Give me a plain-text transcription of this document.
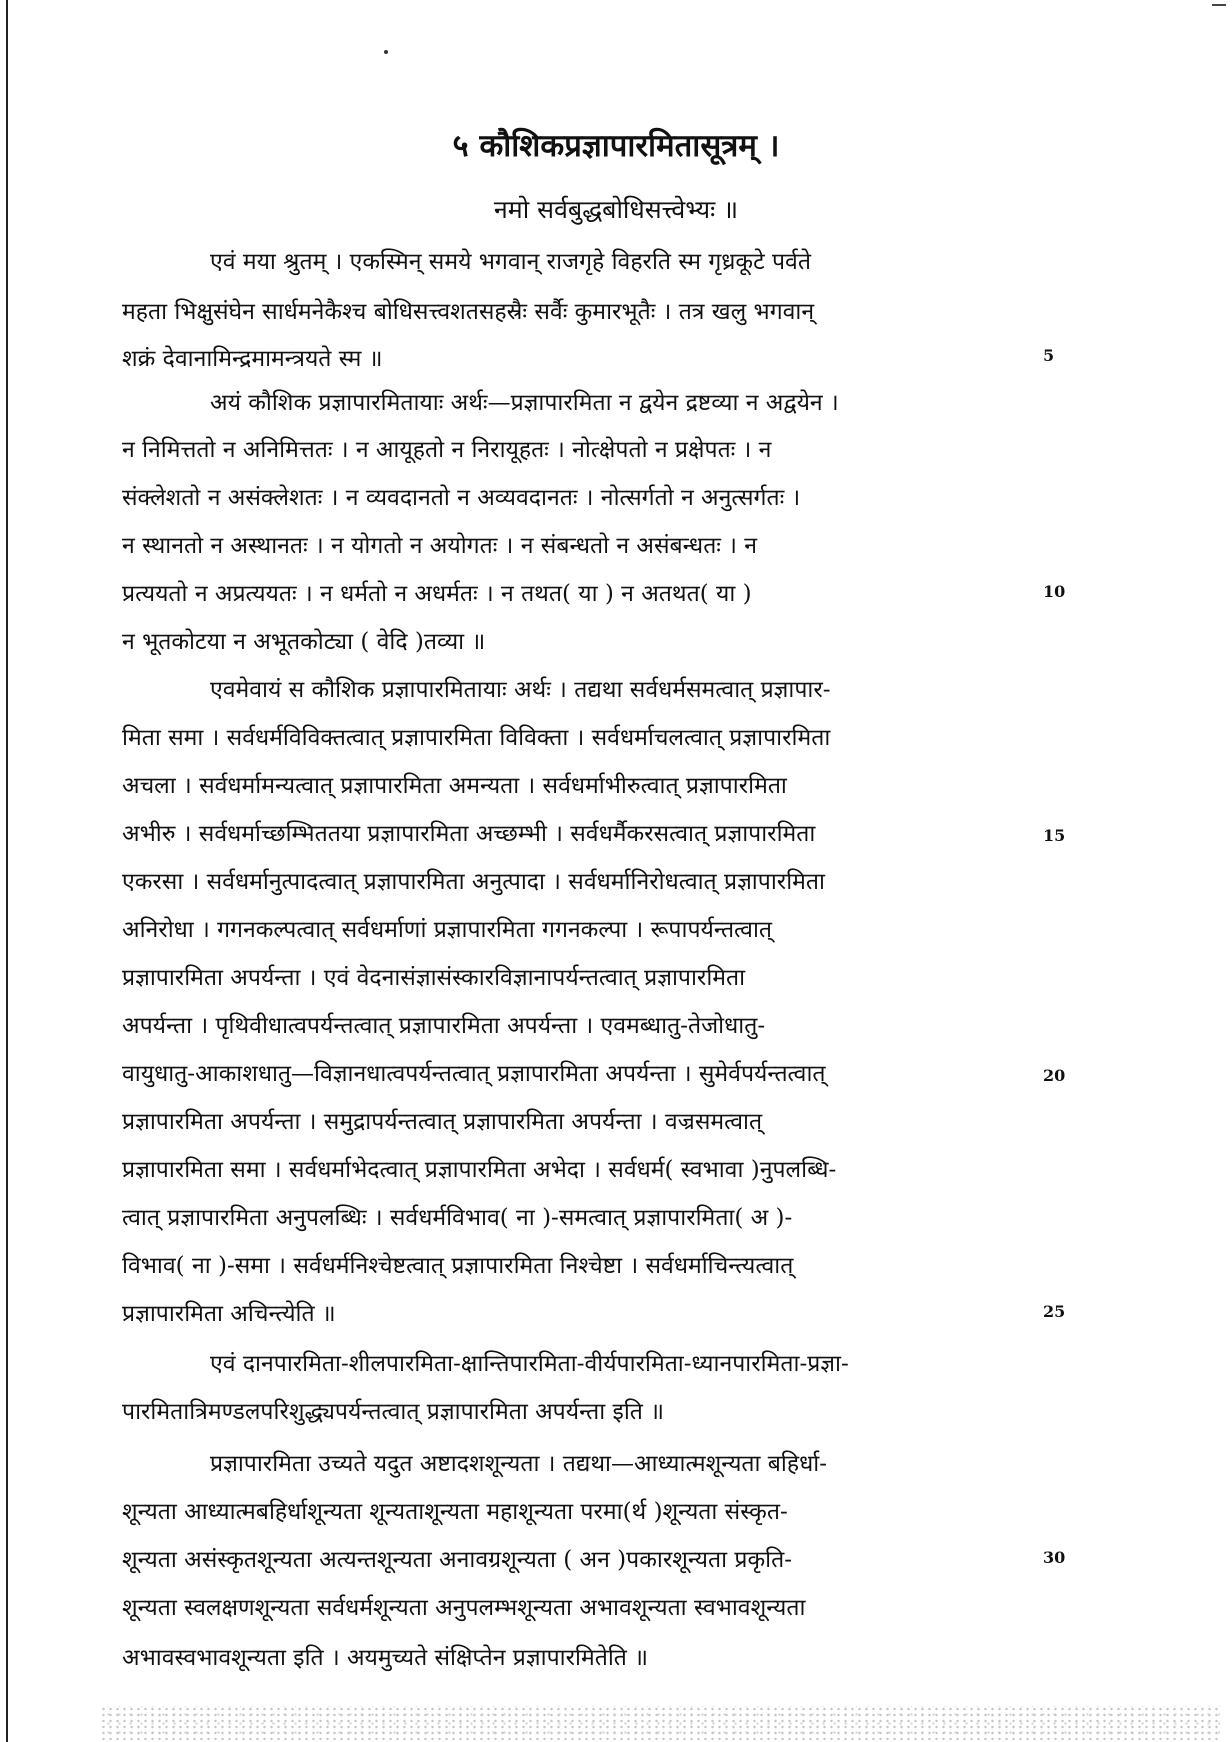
५ कौशिकप्रज्ञापारमितासूत्रम् ।
नमो सर्वबुद्धबोधिसत्त्वेभ्यः ॥
एवं मया श्रुतम् । एकस्मिन् समये भगवान् राजगृहे विहरति स्म गृध्रकूटे पर्वते
महता भिक्षुसंघेन सार्धमनेकैश्च बोधिसत्त्वशतसहस्रैः सर्वैः कुमारभूतैः । तत्र खलु भगवान्
शक्रं देवानामिन्द्रमामन्त्रयते स्म ॥	5
अयं कौशिक प्रज्ञापारमितायाः अर्थः—प्रज्ञापारमिता न द्वयेन द्रष्टव्या न अद्वयेन ।
न निमित्ततो न अनिमित्ततः । न आयूहतो न निरायूहतः । नोत्क्षेपतो न प्रक्षेपतः । न
संक्लेशतो न असंक्लेशतः । न व्यवदानतो न अव्यवदानतः । नोत्सर्गतो न अनुत्सर्गतः ।
न स्थानतो न अस्थानतः । न योगतो न अयोगतः । न संबन्धतो न असंबन्धतः । न
प्रत्ययतो न अप्रत्ययतः । न धर्मतो न अधर्मतः । न तथत( या ) न अतथत( या )	10
न भूतकोटया न अभूतकोट्या ( वेदि )तव्या ॥
एवमेवायं स कौशिक प्रज्ञापारमितायाः अर्थः । तद्यथा सर्वधर्मसमत्वात् प्रज्ञापार-
मिता समा । सर्वधर्मविविक्तत्वात् प्रज्ञापारमिता विविक्ता । सर्वधर्माचलत्वात् प्रज्ञापारमिता
अचला । सर्वधर्मामन्यत्वात् प्रज्ञापारमिता अमन्यता । सर्वधर्माभीरुत्वात् प्रज्ञापारमिता
अभीरु । सर्वधर्माच्छम्भितत‌या प्रज्ञापारमिता अच्छम्भी । सर्वधर्मैकरसत्वात् प्रज्ञापारमिता	15
एकरसा । सर्वधर्मानुत्पादत्वात् प्रज्ञापारमिता अनुत्पादा । सर्वधर्मानिरोधत्वात् प्रज्ञापारमिता
अनिरोधा । गगनकल्पत्वात् सर्वधर्माणां प्रज्ञापारमिता गगनकल्पा । रूपापर्यन्तत्वात्
प्रज्ञापारमिता अपर्यन्ता । एवं वेदनासंज्ञासंस्कारविज्ञानापर्यन्तत्वात् प्रज्ञापारमिता
अपर्यन्ता । पृथिवीधात्वपर्यन्तत्वात् प्रज्ञापारमिता अपर्यन्ता । एवमब्धातु-तेजोधातु-
वायुधातु-आकाशधातु—विज्ञानधात्वपर्यन्तत्वात् प्रज्ञापारमिता अपर्यन्ता । सुमेर्वपर्यन्तत्वात्	20
प्रज्ञापारमिता अपर्यन्ता । समुद्रापर्यन्तत्वात् प्रज्ञापारमिता अपर्यन्ता । वज्रसमत्वात्
प्रज्ञापारमिता समा । सर्वधर्माभेदत्वात् प्रज्ञापारमिता अभेदा । सर्वधर्म( स्वभावा )नुपलब्धि-
त्वात् प्रज्ञापारमिता अनुपलब्धिः । सर्वधर्मविभाव( ना )-समत्वात् प्रज्ञापारमिता( अ )-
विभाव( ना )-समा । सर्वधर्मनिश्चेष्टत्वात् प्रज्ञापारमिता निश्चेष्टा । सर्वधर्माचिन्त्यत्वात्
प्रज्ञापारमिता अचिन्त्येति ॥	25
एवं दानपारमिता-शीलपारमिता-क्षान्तिपारमिता-वीर्यपारमिता-ध्यानपारमिता-प्रज्ञा-
पारमितात्रिमण्डलपरिशुद्ध्यपर्यन्तत्वात् प्रज्ञापारमिता अपर्यन्ता इति ॥
प्रज्ञापारमिता उच्यते यदुत अष्टादशशून्यता । तद्यथा—आध्यात्मशून्यता बहिर्धा-
शून्यता आध्यात्मबहिर्धाशून्यता शून्यताशून्यता महाशून्यता परमा(र्थ )शून्यता संस्कृत-
शून्यता असंस्कृतशून्यता अत्यन्तशून्यता अनावग्रशून्यता ( अन )पकारशून्यता प्रकृति-	30
शून्यता स्वलक्षणशून्यता सर्वधर्मशून्यता अनुपलम्भशून्यता अभावशून्यता स्वभावशून्यता
अभावस्वभावशून्यता इति । अयमुच्यते संक्षिप्तेन प्रज्ञापारमितेति ॥
